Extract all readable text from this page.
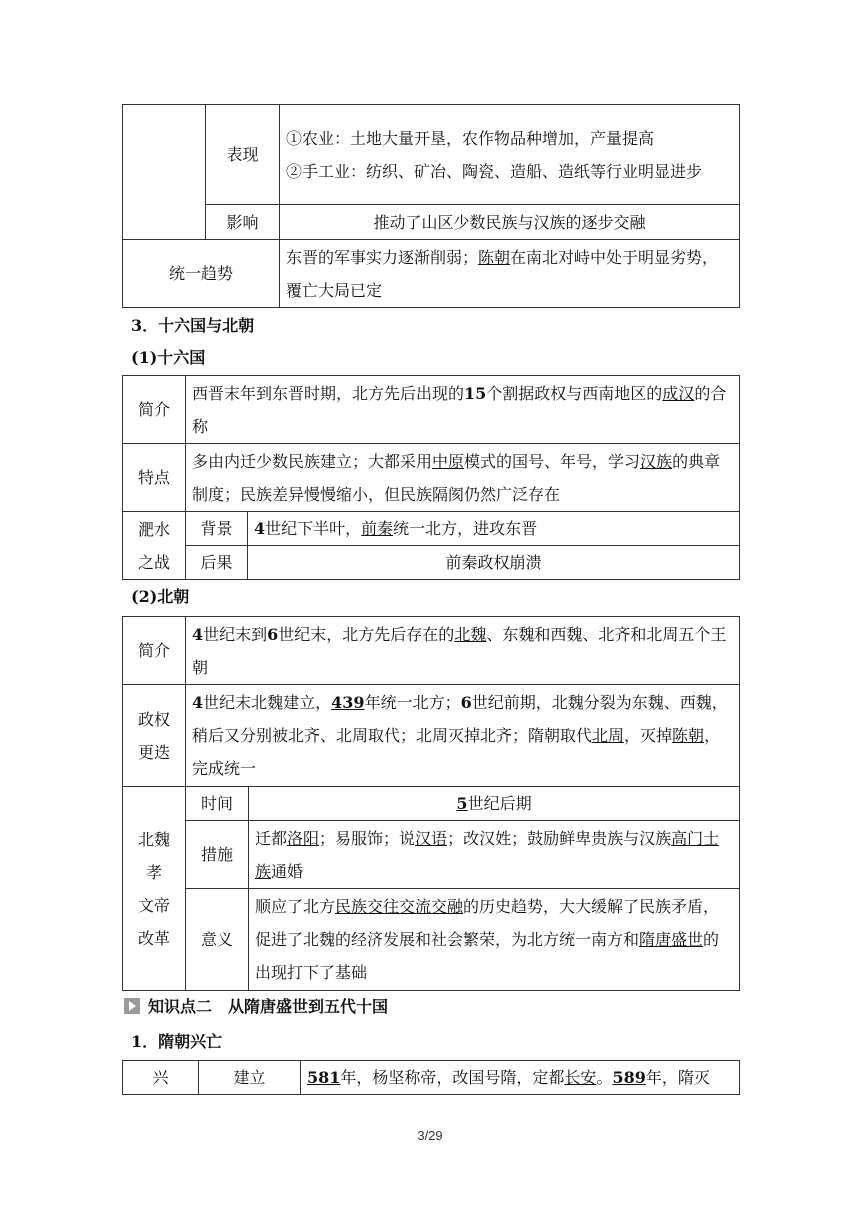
	表现	①农业：土地大量开垦，农作物品种增加，产量提高
②手工业：纺织、矿冶、陶瓷、造船、造纸等行业明显进步

	影响	推动了山区少数民族与汉族的逐步交融
统一趋势		东晋的军事实力逐渐削弱；陈朝在南北对峙中处于明显劣势，覆亡大局已定
3．十六国与北朝
(1)十六国
简介	西晋末年到东晋时期，北方先后出现的15个割据政权与西南地区的成汉的合称	
特点	多由内迁少数民族建立；大都采用中原模式的国号、年号，学习汉族的典章制度；民族差异慢慢缩小，但民族隔阂仍然广泛存在	

淝水
之战	背景	4世纪下半叶，前秦统一北方，进攻东晋
	后果	前秦政权崩溃
(2)北朝
简介	4世纪末到6世纪末，北方先后存在的北魏、东魏和西魏、北齐和北周五个王朝	

政权
更迭	4世纪末北魏建立，439年统一北方；6世纪前期，北魏分裂为东魏、西魏，稍后又分别被北齐、北周取代；北周灭掉北齐；隋朝取代北周，灭掉陈朝，完成统一	

北魏
孝
文帝
改革	时间	5世纪后期
	措施	迁都洛阳；易服饰；说汉语；改汉姓；鼓励鲜卑贵族与汉族高门士族通婚
	意义	顺应了北方民族交往交流交融的历史趋势，大大缓解了民族矛盾，促进了北魏的经济发展和社会繁荣，为北方统一南方和隋唐盛世的出现打下了基础
知识点二　从隋唐盛世到五代十国
1．隋朝兴亡
兴	建立	581年，杨坚称帝，改国号隋，定都长安。589年，隋灭
3/29
